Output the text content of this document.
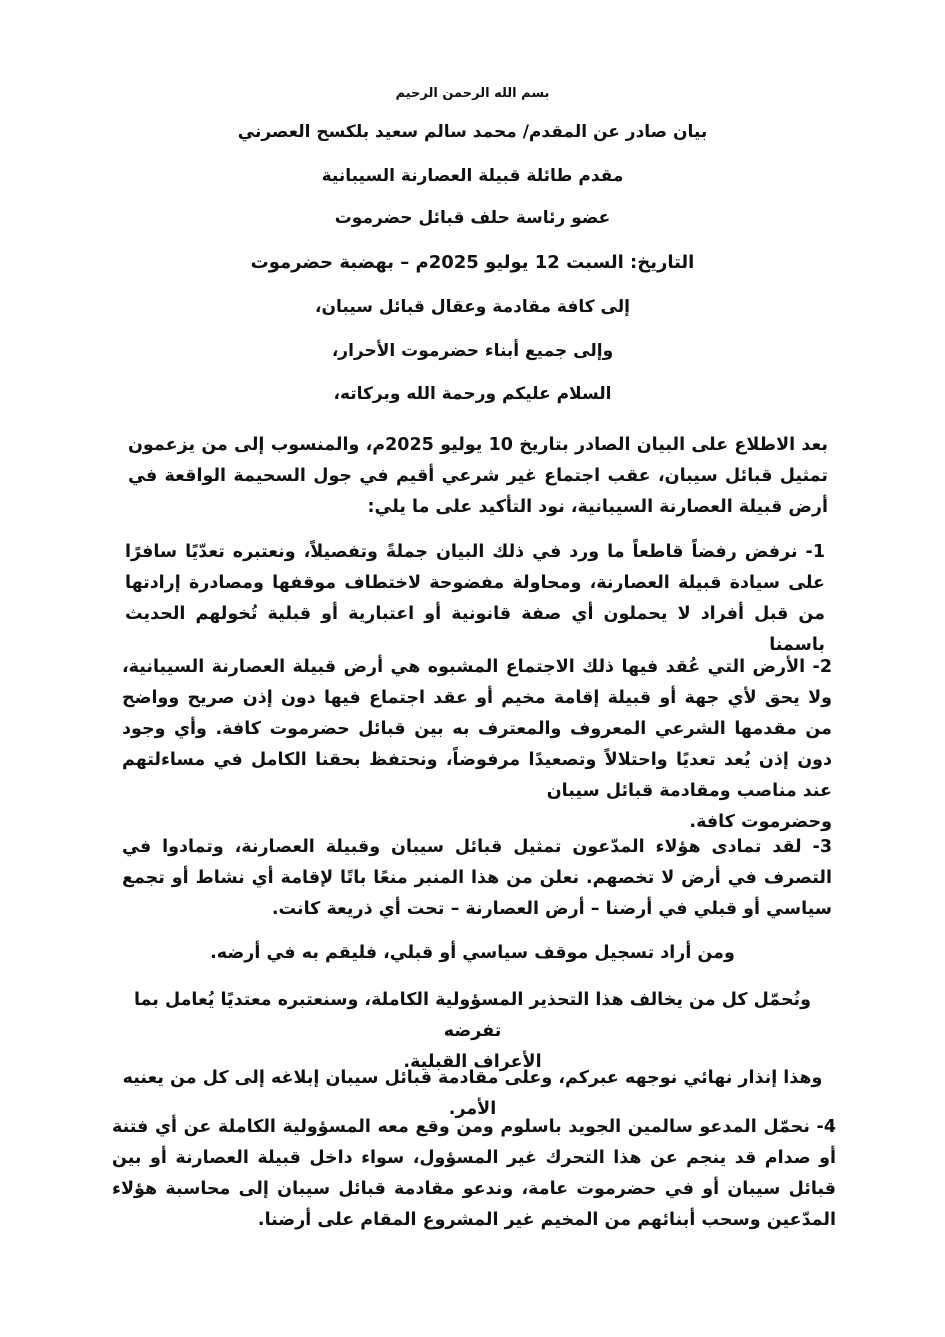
بسم الله الرحمن الرحيم
بيان صادر عن المقدم/ محمد سالم سعيد بلكسح العصرني
مقدم طائلة قبيلة العصارنة السيبانية
عضو رئاسة حلف قبائل حضرموت
التاريخ: السبت 12 يوليو 2025م – بهضبة حضرموت
إلى كافة مقادمة وعقال قبائل سيبان،
وإلى جميع أبناء حضرموت الأحرار،
السلام عليكم ورحمة الله وبركاته،
بعد الاطلاع على البيان الصادر بتاريخ 10 يوليو 2025م، والمنسوب إلى من يزعمون تمثيل قبائل سيبان، عقب اجتماع غير شرعي أقيم في جول السحيمة الواقعة في أرض قبيلة العصارنة السيبانية، نود التأكيد على ما يلي:
1- نرفض رفضاً قاطعاً ما ورد في ذلك البيان جملةً وتفصيلاً، ونعتبره تعدّيًا سافرًا على سيادة قبيلة العصارنة، ومحاولة مفضوحة لاختطاف موقفها ومصادرة إرادتها من قبل أفراد لا يحملون أي صفة قانونية أو اعتبارية أو قبلية تُخولهم الحديث باسمنا
2- الأرض التي عُقد فيها ذلك الاجتماع المشبوه هي أرض قبيلة العصارنة السيبانية، ولا يحق لأي جهة أو قبيلة إقامة مخيم أو عقد اجتماع فيها دون إذن صريح وواضح من مقدمها الشرعي المعروف والمعترف به بين قبائل حضرموت كافة. وأي وجود دون إذن يُعد تعديًا واحتلالاً وتصعيدًا مرفوضاً، ونحتفظ بحقنا الكامل في مساءلتهم عند مناصب ومقادمة قبائل سيبان
وحضرموت كافة.
3- لقد تمادى هؤلاء المدّعون تمثيل قبائل سيبان وقبيلة العصارنة، وتمادوا في التصرف في أرض لا تخصهم. نعلن من هذا المنبر منعًا باتًا لإقامة أي نشاط أو تجمع سياسي أو قبلي في أرضنا – أرض العصارنة – تحت أي ذريعة كانت.
ومن أراد تسجيل موقف سياسي أو قبلي، فليقم به في أرضه.
ونُحمّل كل من يخالف هذا التحذير المسؤولية الكاملة، وسنعتبره معتديًا يُعامل بما تفرضه
الأعراف القبلية.
وهذا إنذار نهائي نوجهه عبركم، وعلى مقادمة قبائل سيبان إبلاغه إلى كل من يعنيه الأمر.
4- نحمّل المدعو سالمين الجويد باسلوم ومن وقع معه المسؤولية الكاملة عن أي فتنة أو صدام قد ينجم عن هذا التحرك غير المسؤول، سواء داخل قبيلة العصارنة أو بين قبائل سيبان أو في حضرموت عامة، وندعو مقادمة قبائل سيبان إلى محاسبة هؤلاء المدّعين وسحب أبنائهم من المخيم غير المشروع المقام على أرضنا.
